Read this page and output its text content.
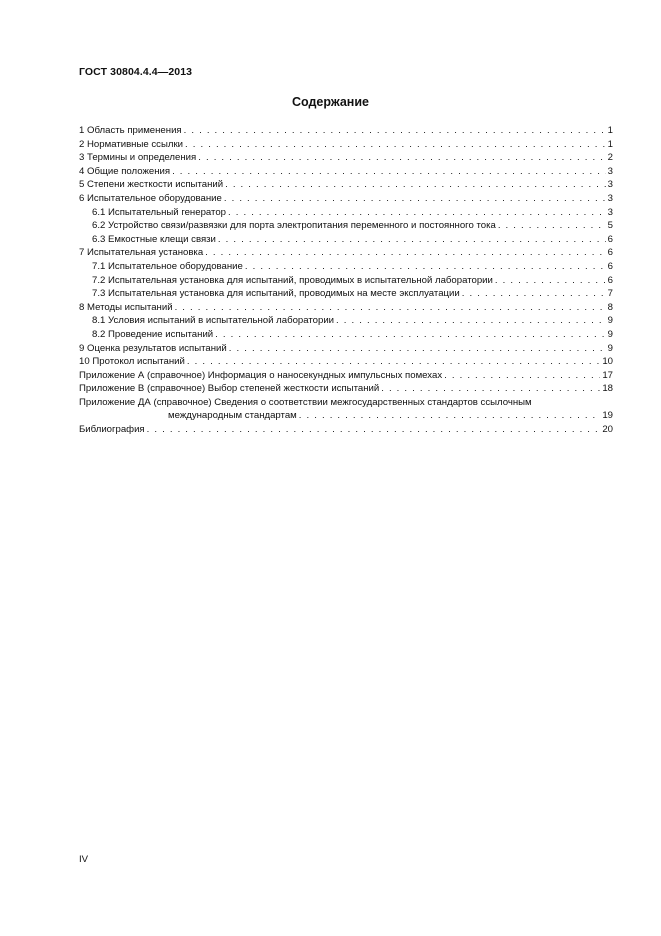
ГОСТ 30804.4.4—2013
Содержание
1 Область применения . . .	1
2 Нормативные ссылки . . .	1
3 Термины и определения . . .	2
4 Общие положения . . .	3
5 Степени жесткости испытаний . . .	3
6 Испытательное оборудование . . .	3
6.1 Испытательный генератор . . .	3
6.2 Устройство связи/развязки для порта электропитания переменного и постоянного тока . . .	5
6.3 Емкостные клещи связи . . .	6
7 Испытательная установка . . .	6
7.1 Испытательное оборудование . . .	6
7.2 Испытательная установка для испытаний, проводимых в испытательной лаборатории . . .	6
7.3 Испытательная установка для испытаний, проводимых на месте эксплуатации . . .	7
8 Методы испытаний . . .	8
8.1 Условия испытаний в испытательной лаборатории . . .	9
8.2 Проведение испытаний . . .	9
9 Оценка результатов испытаний . . .	9
10 Протокол испытаний . . .	10
Приложение А (справочное) Информация о наносекундных импульсных помехах . . .	17
Приложение В (справочное) Выбор степеней жесткости испытаний . . .	18
Приложение ДА (справочное) Сведения о соответствии межгосударственных стандартов ссылочным
международным стандартам . . .	19
Библиография . . .	20
IV
